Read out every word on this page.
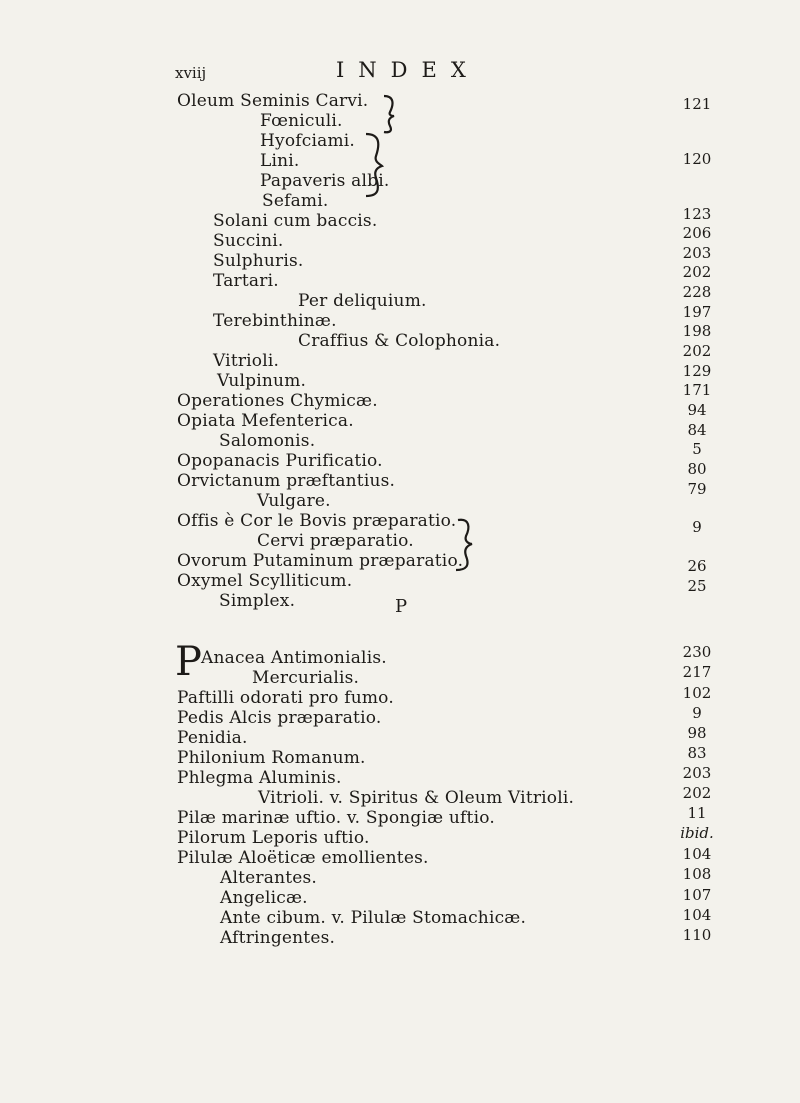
xviij	INDEX
Oleum Seminis Carvi.
Fœniculi.
Hyofciami.
Lini.
Papaveris albi.
Sefami.
Solani cum baccis.
Succini.
Sulphuris.
Tartari.
Per deliquium.
Terebinthinæ.
Craffius & Colophonia.
Vitrioli.
Vulpinum.
Operationes Chymicæ.
Opiata Mefenterica.
Salomonis.
Opopanacis Purificatio.
Orvictanum præftantius.
Vulgare.
Offis è Cor le Bovis præparatio.
Cervi præparatio.
Ovorum Putaminum præparatio.
Oxymel Scylliticum.
Simplex.
121
120
123
206
203
202
228
197
198
202
129
171
94
84
5
80
79
9
26
25
P
P Anacea Antimonialis.
Mercurialis.
Paftilli odorati pro fumo.
Pedis Alcis præparatio.
Penidia.
Philonium Romanum.
Phlegma Aluminis.
Vitrioli. v. Spiritus & Oleum Vitrioli.
Pilæ marinæ uftio. v. Spongiæ uftio.
Pilorum Leporis uftio.
Pilulæ Aloëticæ emollientes.
Alterantes.
Angelicæ.
Ante cibum. v. Pilulæ Stomachicæ.
Aftringentes.
230
217
102
9
98
83
203
202
11
ibid.
104
108
107
104
110
